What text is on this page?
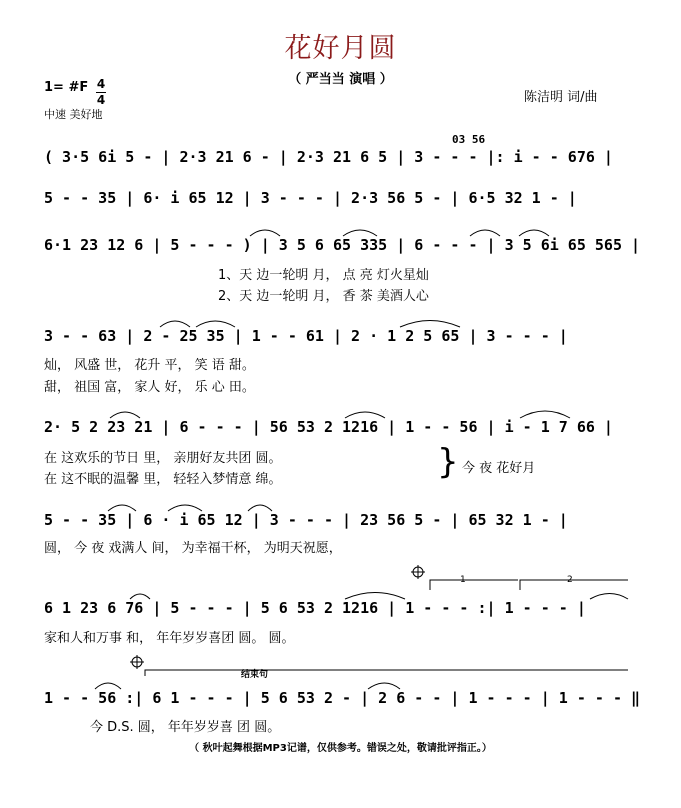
花好月圆
（ 严当当 演唱 ）
1= #F 4
4
中速 美好地
陈洁明 词/曲
( 3·5 6i 5 - | 2·3 21 6 - | 2·3 21 6 5 | 3 - - - |: i - - 676 |
03 56
5 - - 35 | 6· i 65 12 | 3 - - - | 2·3 56 5 - | 6·5 32 1 - |
6·1 23 12 6 | 5 - - - ) | 3 5 6 65 335 | 6 - - - | 3 5 6i 65 565 |
1、天 边一轮明 月， 点 亮 灯火星灿
2、天 边一轮明 月， 香 茶 美酒人心
3 - - 63 | 2 - 25 35 | 1 - - 61 | 2 · 1 2 5 65 | 3 - - - |
灿， 风盛 世， 花升 平， 笑 语 甜。
甜， 祖国 富， 家人 好， 乐 心 田。
2· 5 2 23 21 | 6 - - - | 56 53 2 1216 | 1 - - 56 | i - 1 7 66 |
在 这欢乐的节日 里， 亲朋好友共团 圆。
在 这不眠的温馨 里， 轻轻入梦情意 绵。	} 今 夜 花好月
5 - - 35 | 6 · i 65 12 | 3 - - - | 23 56 5 - | 65 32 1 - |
圆， 今 夜 戏满人 间， 为幸福干杯， 为明天祝愿，
6 1 23 6 76 | 5 - - - | 5 6 53 2 1216 | 1 - - - :| 1 - - - |
家和人和万事 和， 年年岁岁喜团 圆。 圆。
1	2
结束句
1 - - 56 :| 6 1 - - - | 5 6 53 2 - | 2 6 - - | 1 - - - | 1 - - - ‖
今 D.S. 圆， 年年岁岁喜 团 圆。
（ 秋叶起舞根据MP3记谱，仅供参考。错误之处，敬请批评指正。）
